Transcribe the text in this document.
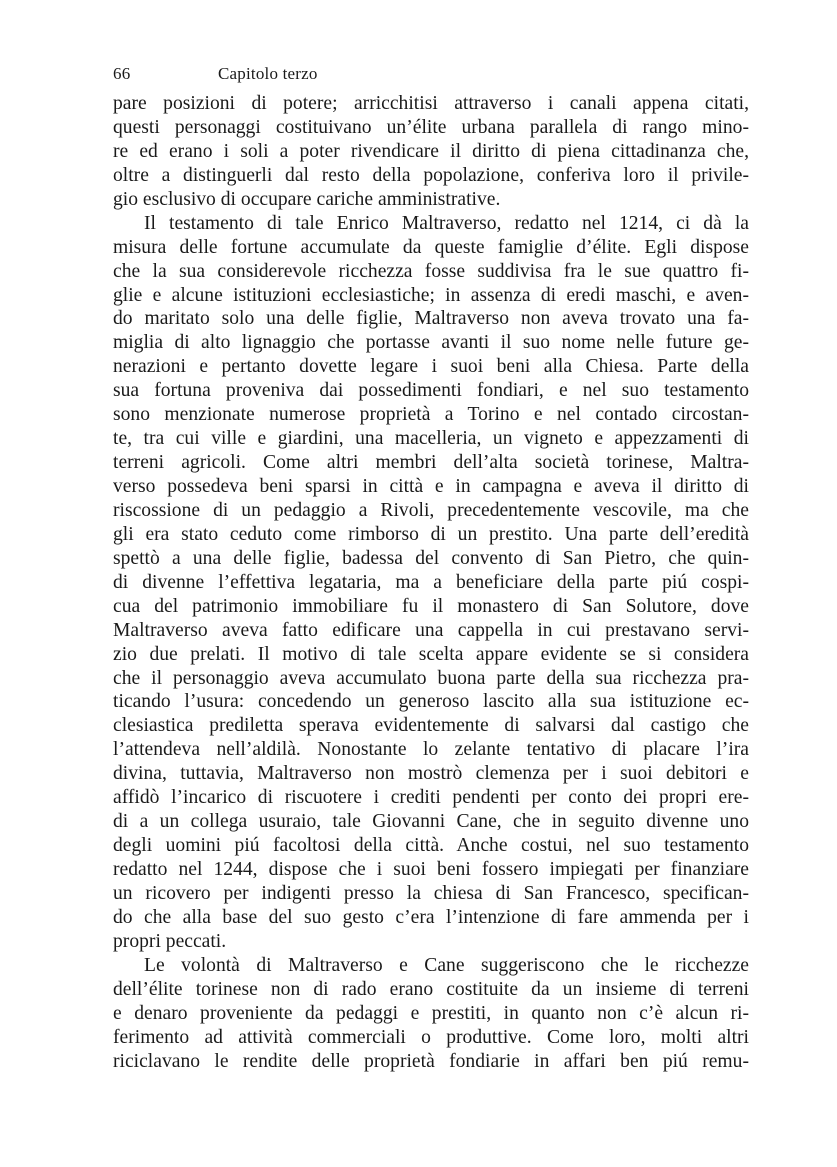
66	Capitolo terzo
pare posizioni di potere; arricchitisi attraverso i canali appena citati,
questi personaggi costituivano un’élite urbana parallela di rango mino-
re ed erano i soli a poter rivendicare il diritto di piena cittadinanza che,
oltre a distinguerli dal resto della popolazione, conferiva loro il privile-
gio esclusivo di occupare cariche amministrative.
Il testamento di tale Enrico Maltraverso, redatto nel 1214, ci dà la
misura delle fortune accumulate da queste famiglie d’élite. Egli dispose
che la sua considerevole ricchezza fosse suddivisa fra le sue quattro fi-
glie e alcune istituzioni ecclesiastiche; in assenza di eredi maschi, e aven-
do maritato solo una delle figlie, Maltraverso non aveva trovato una fa-
miglia di alto lignaggio che portasse avanti il suo nome nelle future ge-
nerazioni e pertanto dovette legare i suoi beni alla Chiesa. Parte della
sua fortuna proveniva dai possedimenti fondiari, e nel suo testamento
sono menzionate numerose proprietà a Torino e nel contado circostan-
te, tra cui ville e giardini, una macelleria, un vigneto e appezzamenti di
terreni agricoli. Come altri membri dell’alta società torinese, Maltra-
verso possedeva beni sparsi in città e in campagna e aveva il diritto di
riscossione di un pedaggio a Rivoli, precedentemente vescovile, ma che
gli era stato ceduto come rimborso di un prestito. Una parte dell’eredità
spettò a una delle figlie, badessa del convento di San Pietro, che quin-
di divenne l’effettiva legataria, ma a beneficiare della parte piú cospi-
cua del patrimonio immobiliare fu il monastero di San Solutore, dove
Maltraverso aveva fatto edificare una cappella in cui prestavano servi-
zio due prelati. Il motivo di tale scelta appare evidente se si considera
che il personaggio aveva accumulato buona parte della sua ricchezza pra-
ticando l’usura: concedendo un generoso lascito alla sua istituzione ec-
clesiastica prediletta sperava evidentemente di salvarsi dal castigo che
l’attendeva nell’aldilà. Nonostante lo zelante tentativo di placare l’ira
divina, tuttavia, Maltraverso non mostrò clemenza per i suoi debitori e
affidò l’incarico di riscuotere i crediti pendenti per conto dei propri ere-
di a un collega usuraio, tale Giovanni Cane, che in seguito divenne uno
degli uomini piú facoltosi della città. Anche costui, nel suo testamento
redatto nel 1244, dispose che i suoi beni fossero impiegati per finanziare
un ricovero per indigenti presso la chiesa di San Francesco, specifican-
do che alla base del suo gesto c’era l’intenzione di fare ammenda per i
propri peccati.
Le volontà di Maltraverso e Cane suggeriscono che le ricchezze
dell’élite torinese non di rado erano costituite da un insieme di terreni
e denaro proveniente da pedaggi e prestiti, in quanto non c’è alcun ri-
ferimento ad attività commerciali o produttive. Come loro, molti altri
riciclavano le rendite delle proprietà fondiarie in affari ben piú remu-
